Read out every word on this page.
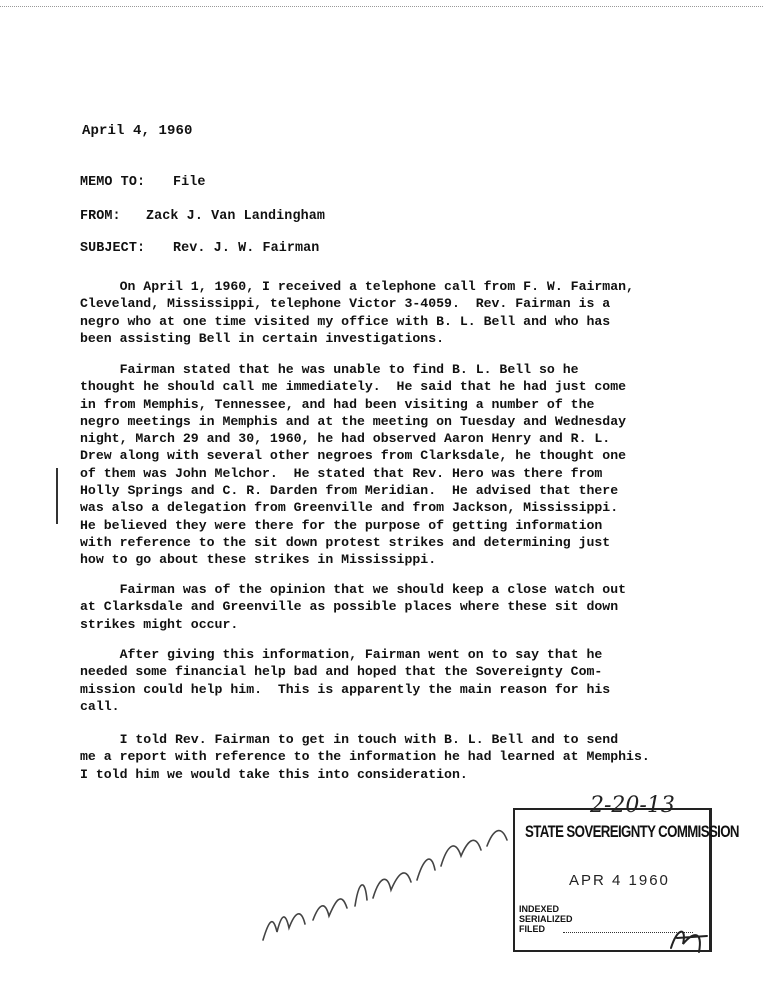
April 4, 1960
MEMO TO: File
FROM: Zack J. Van Landingham
SUBJECT: Rev. J. W. Fairman
On April 1, 1960, I received a telephone call from F. W. Fairman,
Cleveland, Mississippi, telephone Victor 3-4059.  Rev. Fairman is a
negro who at one time visited my office with B. L. Bell and who has
been assisting Bell in certain investigations.
Fairman stated that he was unable to find B. L. Bell so he
thought he should call me immediately.  He said that he had just come
in from Memphis, Tennessee, and had been visiting a number of the
negro meetings in Memphis and at the meeting on Tuesday and Wednesday
night, March 29 and 30, 1960, he had observed Aaron Henry and R. L.
Drew along with several other negroes from Clarksdale, he thought one
of them was John Melchor.  He stated that Rev. Hero was there from
Holly Springs and C. R. Darden from Meridian.  He advised that there
was also a delegation from Greenville and from Jackson, Mississippi.
He believed they were there for the purpose of getting information
with reference to the sit down protest strikes and determining just
how to go about these strikes in Mississippi.
Fairman was of the opinion that we should keep a close watch out
at Clarksdale and Greenville as possible places where these sit down
strikes might occur.
After giving this information, Fairman went on to say that he
needed some financial help bad and hoped that the Sovereignty Com-
mission could help him.  This is apparently the main reason for his
call.
I told Rev. Fairman to get in touch with B. L. Bell and to send
me a report with reference to the information he had learned at Memphis.
I told him we would take this into consideration.
2-20-13
STATE SOVEREIGNTY COMMISSION
APR 4 1960
INDEXED
SERIALIZED
FILED
